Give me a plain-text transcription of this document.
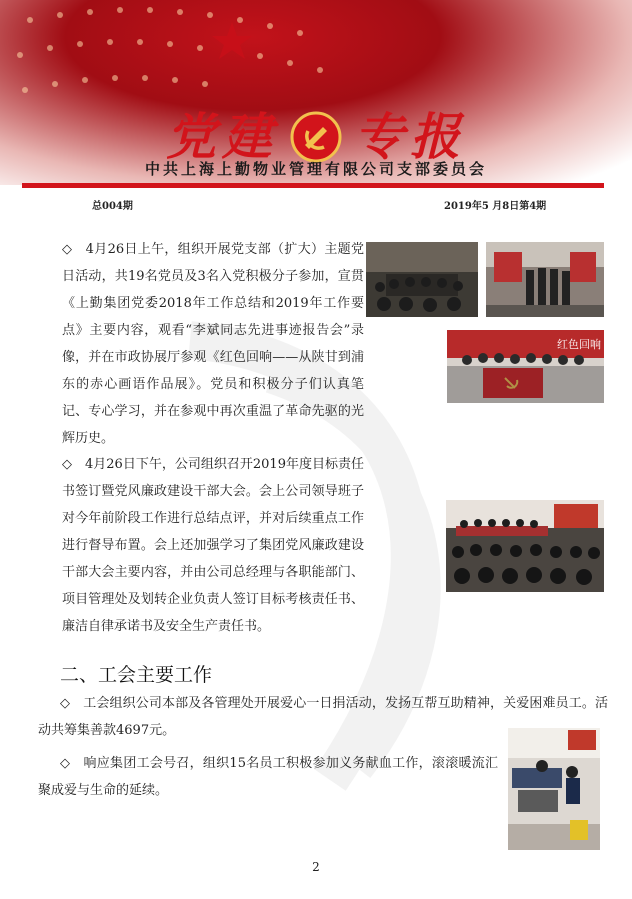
党建 专报
中共上海上勤物业管理有限公司支部委员会
总004期	2019年5 月8日第4期

◇　4月26日上午，组织开展党支部（扩大）主题党日活动，共19名党员及3名入党积极分子参加，宣贯《上勤集团党委2018年工作总结和2019年工作要点》主要内容，观看“李斌同志先进事迹报告会”录像，并在市政协展厅参观《红色回响——从陕甘到浦东的赤心画语作品展》。党员和积极分子们认真笔记、专心学习，并在参观中再次重温了革命先驱的光辉历史。

红色回响

◇　4月26日下午，公司组织召开2019年度目标责任书签订暨党风廉政建设干部大会。会上公司领导班子对今年前阶段工作进行总结点评，并对后续重点工作进行督导布置。会上还加强学习了集团党风廉政建设干部大会主要内容，并由公司总经理与各职能部门、项目管理处及划转企业负责人签订目标考核责任书、廉洁自律承诺书及安全生产责任书。

二、工会主要工作

◇　工会组织公司本部及各管理处开展爱心一日捐活动，发扬互帮互助精神，关爱困难员工。活动共筹集善款4697元。

◇　响应集团工会号召，组织15名员工积极参加义务献血工作，滚滚暖流汇聚成爱与生命的延续。

2
